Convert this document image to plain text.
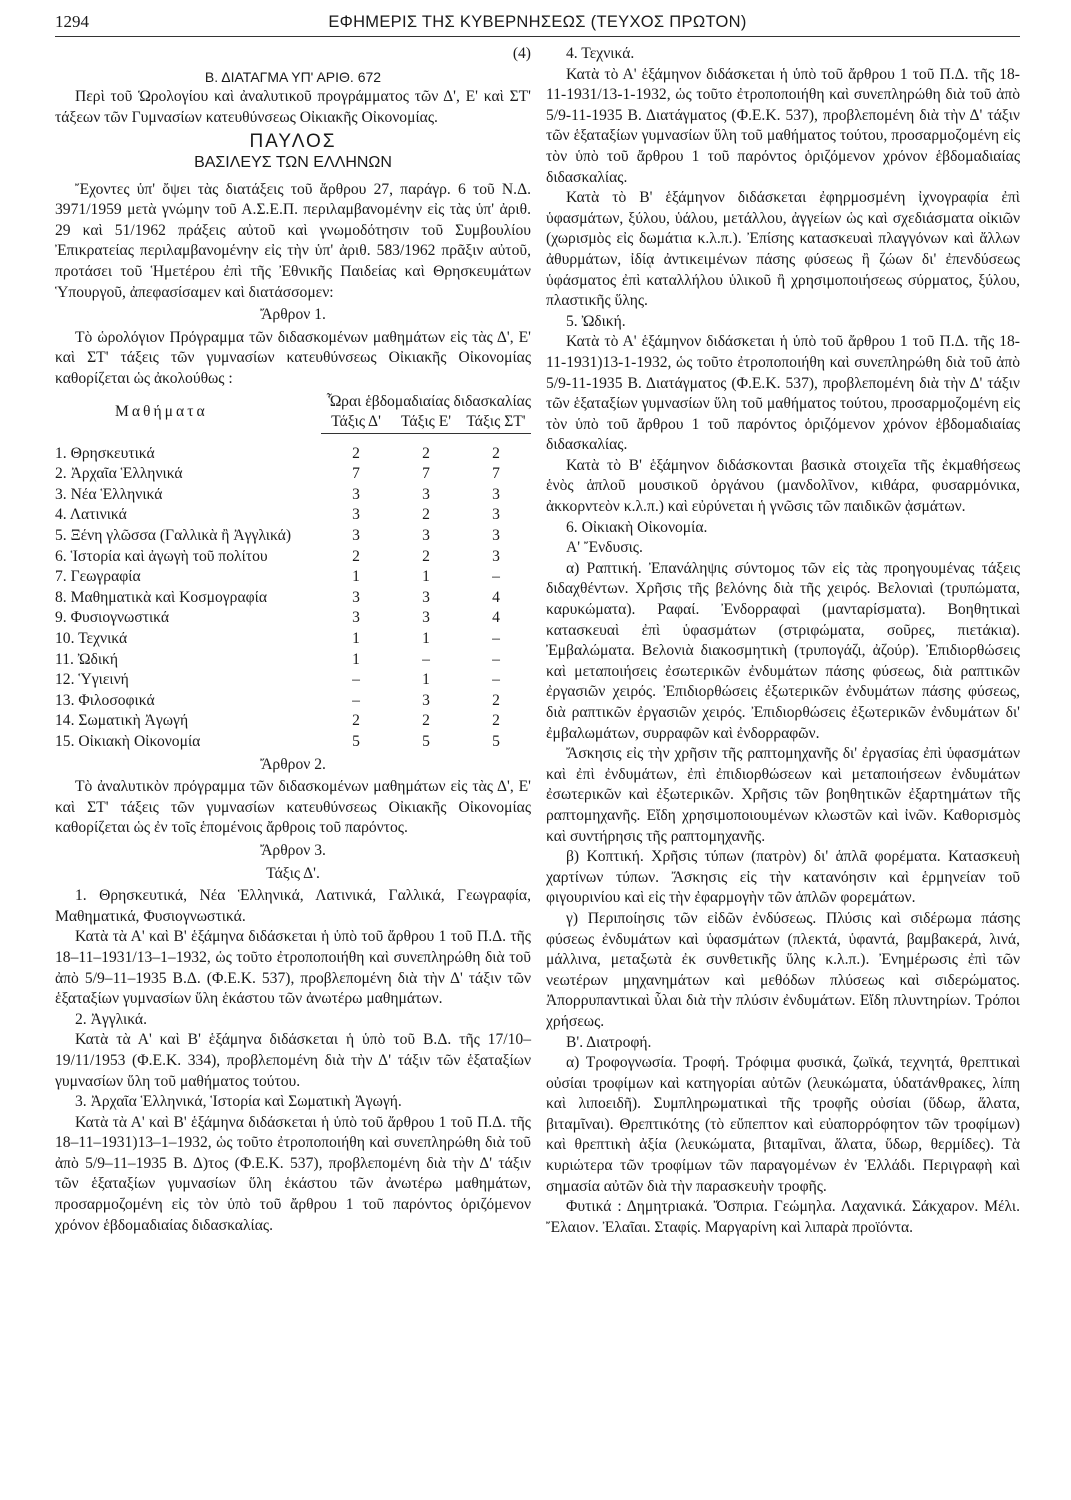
1294	ΕΦΗΜΕΡΙΣ ΤΗΣ ΚΥΒΕΡΝΗΣΕΩΣ (ΤΕΥΧΟΣ ΠΡΩΤΟΝ)

(4)

Β. ΔΙΑΤΑΓΜΑ ΥΠ' ΑΡΙΘ. 672

Περὶ τοῦ Ὡρολογίου καὶ ἀναλυτικοῦ προγράμματος τῶν Δ', Ε' καὶ ΣΤ' τάξεων τῶν Γυμνασίων κατευθύνσεως Οἰκιακῆς Οἰκονομίας.

ΠΑΥΛΟΣ

ΒΑΣΙΛΕΥΣ ΤΩΝ ΕΛΛΗΝΩΝ

Ἔχοντες ὑπ' ὄψει τὰς διατάξεις τοῦ ἄρθρου 27, παράγρ. 6 τοῦ Ν.Δ. 3971/1959 μετὰ γνώμην τοῦ Α.Σ.Ε.Π. περιλαμβανομένην εἰς τὰς ὑπ' ἀριθ. 29 καὶ 51/1962 πράξεις αὐτοῦ καὶ γνωμοδότησιν τοῦ Συμβουλίου Ἐπικρατείας περιλαμβανομένην εἰς τὴν ὑπ' ἀριθ. 583/1962 πρᾶξιν αὐτοῦ, προτάσει τοῦ Ἡμετέρου ἐπὶ τῆς Ἐθνικῆς Παιδείας καὶ Θρησκευμάτων Ὑπουργοῦ, ἀπεφασίσαμεν καὶ διατάσσομεν:

Ἄρθρον 1.

Τὸ ὡρολόγιον Πρόγραμμα τῶν διδασκομένων μαθημάτων εἰς τὰς Δ', Ε' καὶ ΣΤ' τάξεις τῶν γυμνασίων κατευθύνσεως Οἰκιακῆς Οἰκονομίας καθορίζεται ὡς ἀκολούθως :

Μαθήματα	Ὧραι ἑβδομαδιαίας διδασκαλίας		
	Τάξις Δ'	Τάξις Ε'	Τάξις ΣΤ'

1. Θρησκευτικά	2	2	2
2. Ἀρχαῖα Ἑλληνικά	7	7	7
3. Νέα Ἑλληνικά	3	3	3
4. Λατινικά	3	2	3
5. Ξένη γλῶσσα (Γαλλικὰ ἢ Ἀγγλικά)	3	3	3
6. Ἱστορία καὶ ἀγωγὴ τοῦ πολίτου	2	2	3
7. Γεωγραφία	1	1	–
8. Μαθηματικὰ καὶ Κοσμογραφία	3	3	4
9. Φυσιογνωστικά	3	3	4
10. Τεχνικά	1	1	–
11. Ὠδική	1	–	–
12. Ὑγιεινή	–	1	–
13. Φιλοσοφικά	–	3	2
14. Σωματικὴ Ἀγωγή	2	2	2
15. Οἰκιακὴ Οἰκονομία	5	5	5

Ἄρθρον 2.

Τὸ ἀναλυτικὸν πρόγραμμα τῶν διδασκομένων μαθημάτων εἰς τὰς Δ', Ε' καὶ ΣΤ' τάξεις τῶν γυμνασίων κατευθύνσεως Οἰκιακῆς Οἰκονομίας καθορίζεται ὡς ἐν τοῖς ἑπομένοις ἄρθροις τοῦ παρόντος.

Ἄρθρον 3.

Τάξις Δ'.

1. Θρησκευτικά, Νέα Ἑλληνικά, Λατινικά, Γαλλικά, Γεωγραφία, Μαθηματικά, Φυσιογνωστικά.

Κατὰ τὰ Α' καὶ Β' ἑξάμηνα διδάσκεται ἡ ὑπὸ τοῦ ἄρθρου 1 τοῦ Π.Δ. τῆς 18–11–1931/13–1–1932, ὡς τοῦτο ἐτροποποιήθη καὶ συνεπληρώθη διὰ τοῦ ἀπὸ 5/9–11–1935 Β.Δ. (Φ.Ε.Κ. 537), προβλεπομένη διὰ τὴν Δ' τάξιν τῶν ἑξαταξίων γυμνασίων ὕλη ἑκάστου τῶν ἀνωτέρω μαθημάτων.

2. Ἀγγλικά.

Κατὰ τὰ Α' καὶ Β' ἑξάμηνα διδάσκεται ἡ ὑπὸ τοῦ Β.Δ. τῆς 17/10–19/11/1953 (Φ.Ε.Κ. 334), προβλεπομένη διὰ τὴν Δ' τάξιν τῶν ἑξαταξίων γυμνασίων ὕλη τοῦ μαθήματος τούτου.

3. Ἀρχαῖα Ἑλληνικά, Ἱστορία καὶ Σωματικὴ Ἀγωγή.

Κατὰ τὰ Α' καὶ Β' ἑξάμηνα διδάσκεται ἡ ὑπὸ τοῦ ἄρθρου 1 τοῦ Π.Δ. τῆς 18–11–1931)13–1–1932, ὡς τοῦτο ἐτροποποιήθη καὶ συνεπληρώθη διὰ τοῦ ἀπὸ 5/9–11–1935 Β. Δ)τος (Φ.Ε.Κ. 537), προβλεπομένη διὰ τὴν Δ' τάξιν τῶν ἑξαταξίων γυμνασίων ὕλη ἑκάστου τῶν ἀνωτέρω μαθημάτων, προσαρμοζομένη εἰς τὸν ὑπὸ τοῦ ἄρθρου 1 τοῦ παρόντος ὁριζόμενον χρόνον ἑβδομαδιαίας διδασκαλίας.

4. Τεχνικά.

Κατὰ τὸ Α' ἑξάμηνον διδάσκεται ἡ ὑπὸ τοῦ ἄρθρου 1 τοῦ Π.Δ. τῆς 18-11-1931/13-1-1932, ὡς τοῦτο ἐτροποποιήθη καὶ συνεπληρώθη διὰ τοῦ ἀπὸ 5/9-11-1935 Β. Διατάγματος (Φ.Ε.Κ. 537), προβλεπομένη διὰ τὴν Δ' τάξιν τῶν ἑξαταξίων γυμνασίων ὕλη τοῦ μαθήματος τούτου, προσαρμοζομένη εἰς τὸν ὑπὸ τοῦ ἄρθρου 1 τοῦ παρόντος ὁριζόμενον χρόνον ἑβδομαδιαίας διδασκαλίας.

Κατὰ τὸ Β' ἑξάμηνον διδάσκεται ἐφηρμοσμένη ἰχνογραφία ἐπὶ ὑφασμάτων, ξύλου, ὑάλου, μετάλλου, ἀγγείων ὡς καὶ σχεδιάσματα οἰκιῶν (χωρισμὸς εἰς δωμάτια κ.λ.π.). Ἐπίσης κατασκευαὶ πλαγγόνων καὶ ἄλλων ἀθυρμάτων, ἰδίᾳ ἀντικειμένων πάσης φύσεως ἢ ζώων δι' ἐπενδύσεως ὑφάσματος ἐπὶ καταλλήλου ὑλικοῦ ἢ χρησιμοποιήσεως σύρματος, ξύλου, πλαστικῆς ὕλης.

5. Ὠδική.

Κατὰ τὸ Α' ἑξάμηνον διδάσκεται ἡ ὑπὸ τοῦ ἄρθρου 1 τοῦ Π.Δ. τῆς 18-11-1931)13-1-1932, ὡς τοῦτο ἐτροποποιήθη καὶ συνεπληρώθη διὰ τοῦ ἀπὸ 5/9-11-1935 Β. Διατάγματος (Φ.Ε.Κ. 537), προβλεπομένη διὰ τὴν Δ' τάξιν τῶν ἑξαταξίων γυμνασίων ὕλη τοῦ μαθήματος τούτου, προσαρμοζομένη εἰς τὸν ὑπὸ τοῦ ἄρθρου 1 τοῦ παρόντος ὁριζόμενον χρόνον ἑβδομαδιαίας διδασκαλίας.

Κατὰ τὸ Β' ἑξάμηνον διδάσκονται βασικὰ στοιχεῖα τῆς ἐκμαθήσεως ἑνὸς ἁπλοῦ μουσικοῦ ὀργάνου (μανδολῖνον, κιθάρα, φυσαρμόνικα, ἀκκορντεὸν κ.λ.π.) καὶ εὐρύνεται ἡ γνῶσις τῶν παιδικῶν ᾀσμάτων.

6. Οἰκιακὴ Οἰκονομία.

Α' Ἔνδυσις.

α) Ραπτική. Ἐπανάληψις σύντομος τῶν εἰς τὰς προηγουμένας τάξεις διδαχθέντων. Χρῆσις τῆς βελόνης διὰ τῆς χειρός. Βελονιαὶ (τρυπώματα, καρυκώματα). Ραφαί. Ἐνδορραφαὶ (μανταρίσματα). Βοηθητικαὶ κατασκευαὶ ἐπὶ ὑφασμάτων (στριφώματα, σοῦρες, πιετάκια). Ἐμβαλώματα. Βελονιὰ διακοσμητικὴ (τρυπογάζι, ἀζούρ). Ἐπιδιορθώσεις καὶ μεταποιήσεις ἐσωτερικῶν ἐνδυμάτων πάσης φύσεως, διὰ ραπτικῶν ἐργασιῶν χειρός. Ἐπιδιορθώσεις ἐξωτερικῶν ἐνδυμάτων πάσης φύσεως, διὰ ραπτικῶν ἐργασιῶν χειρός. Ἐπιδιορθώσεις ἐξωτερικῶν ἐνδυμάτων δι' ἐμβαλωμάτων, συρραφῶν καὶ ἐνδορραφῶν.

Ἄσκησις εἰς τὴν χρῆσιν τῆς ραπτομηχανῆς δι' ἐργασίας ἐπὶ ὑφασμάτων καὶ ἐπὶ ἐνδυμάτων, ἐπὶ ἐπιδιορθώσεων καὶ μεταποιήσεων ἐνδυμάτων ἐσωτερικῶν καὶ ἐξωτερικῶν. Χρῆσις τῶν βοηθητικῶν ἐξαρτημάτων τῆς ραπτομηχανῆς. Εἴδη χρησιμοποιουμένων κλωστῶν καὶ ἰνῶν. Καθορισμὸς καὶ συντήρησις τῆς ραπτομηχανῆς.

β) Κοπτική. Χρῆσις τύπων (πατρὸν) δι' ἁπλᾶ φορέματα. Κατασκευὴ χαρτίνων τύπων. Ἄσκησις εἰς τὴν κατανόησιν καὶ ἑρμηνείαν τοῦ φιγουρινίου καὶ εἰς τὴν ἐφαρμογὴν τῶν ἁπλῶν φορεμάτων.

γ) Περιποίησις τῶν εἰδῶν ἐνδύσεως. Πλύσις καὶ σιδέρωμα πάσης φύσεως ἐνδυμάτων καὶ ὑφασμάτων (πλεκτά, ὑφαντά, βαμβακερά, λινά, μάλλινα, μεταξωτὰ ἐκ συνθετικῆς ὕλης κ.λ.π.). Ἐνημέρωσις ἐπὶ τῶν νεωτέρων μηχανημάτων καὶ μεθόδων πλύσεως καὶ σιδερώματος. Ἀπορρυπαντικαὶ ὗλαι διὰ τὴν πλύσιν ἐνδυμάτων. Εἴδη πλυντηρίων. Τρόποι χρήσεως.

Β'. Διατροφή.

α) Τροφογνωσία. Τροφή. Τρόφιμα φυσικά, ζωϊκά, τεχνητά, θρεπτικαὶ οὐσίαι τροφίμων καὶ κατηγορίαι αὐτῶν (λευκώματα, ὑδατάνθρακες, λίπη καὶ λιποειδῆ). Συμπληρωματικαὶ τῆς τροφῆς οὐσίαι (ὕδωρ, ἅλατα, βιταμῖναι). Θρεπτικότης (τὸ εὔπεπτον καὶ εὐαπορρόφητον τῶν τροφίμων) καὶ θρεπτικὴ ἀξία (λευκώματα, βιταμῖναι, ἅλατα, ὕδωρ, θερμίδες). Τὰ κυριώτερα τῶν τροφίμων τῶν παραγομένων ἐν Ἑλλάδι. Περιγραφὴ καὶ σημασία αὐτῶν διὰ τὴν παρασκευὴν τροφῆς.

Φυτικά : Δημητριακά. Ὄσπρια. Γεώμηλα. Λαχανικά. Σάκχαρον. Μέλι. Ἔλαιον. Ἐλαῖαι. Σταφίς. Μαργαρίνη καὶ λιπαρὰ προϊόντα.
